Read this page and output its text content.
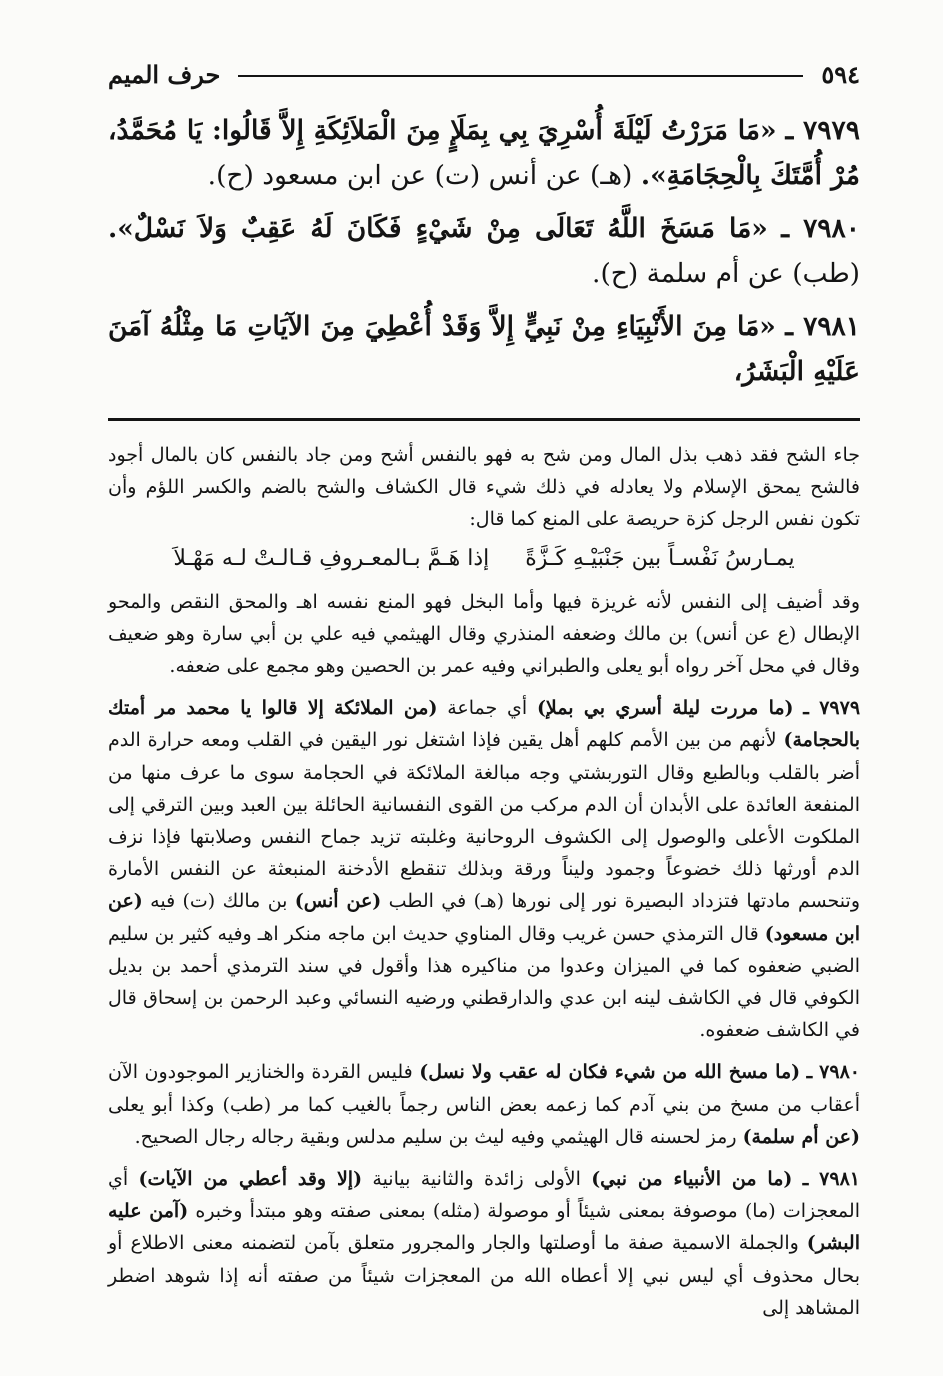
٥٩٤
حرف الميم

٧٩٧٩ ـ «مَا مَرَرْتُ لَيْلَةَ أُسْرِيَ بِي بِمَلَإٍ مِنَ الْمَلاَئِكَةِ إِلاَّ قَالُوا: يَا مُحَمَّدُ، مُرْ أُمَّتَكَ بِالْحِجَامَةِ». (هـ) عن أنس (ت) عن ابن مسعود (ح).

٧٩٨٠ ـ «مَا مَسَخَ اللَّهُ تَعَالَى مِنْ شَيْءٍ فَكَانَ لَهُ عَقِبٌ وَلاَ نَسْلٌ». (طب) عن أم سلمة (ح).

٧٩٨١ ـ «مَا مِنَ الأَنْبِيَاءِ مِنْ نَبِيٍّ إِلاَّ وَقَدْ أُعْطِيَ مِنَ الآيَاتِ مَا مِثْلُهُ آمَنَ عَلَيْهِ الْبَشَرُ،

جاء الشح فقد ذهب بذل المال ومن شح به فهو بالنفس أشح ومن جاد بالنفس كان بالمال أجود فالشح يمحق الإسلام ولا يعادله في ذلك شيء قال الكشاف والشح بالضم والكسر اللؤم وأن تكون نفس الرجل كزة حريصة على المنع كما قال:

يمـارسُ نَفْسـاً بين جَنْبَيْـهِ كَـزَّةً
إذا هَـمَّ بـالمعـروفِ قـالـتْ لـه مَهْـلاَ

وقد أضيف إلى النفس لأنه غريزة فيها وأما البخل فهو المنع نفسه اهـ والمحق النقص والمحو الإبطال (ع عن أنس) بن مالك وضعفه المنذري وقال الهيثمي فيه علي بن أبي سارة وهو ضعيف وقال في محل آخر رواه أبو يعلى والطبراني وفيه عمر بن الحصين وهو مجمع على ضعفه.

٧٩٧٩ ـ (ما مررت ليلة أسري بي بملإ) أي جماعة (من الملائكة إلا قالوا يا محمد مر أمتك بالحجامة) لأنهم من بين الأمم كلهم أهل يقين فإذا اشتغل نور اليقين في القلب ومعه حرارة الدم أضر بالقلب وبالطبع وقال التوربشتي وجه مبالغة الملائكة في الحجامة سوى ما عرف منها من المنفعة العائدة على الأبدان أن الدم مركب من القوى النفسانية الحائلة بين العبد وبين الترقي إلى الملكوت الأعلى والوصول إلى الكشوف الروحانية وغلبته تزيد جماح النفس وصلابتها فإذا نزف الدم أورثها ذلك خضوعاً وجمود وليناً ورقة وبذلك تنقطع الأدخنة المنبعثة عن النفس الأمارة وتنحسم مادتها فتزداد البصيرة نور إلى نورها (هـ) في الطب (عن أنس) بن مالك (ت) فيه (عن ابن مسعود) قال الترمذي حسن غريب وقال المناوي حديث ابن ماجه منكر اهـ وفيه كثير بن سليم الضبي ضعفوه كما في الميزان وعدوا من مناكيره هذا وأقول في سند الترمذي أحمد بن بديل الكوفي قال في الكاشف لينه ابن عدي والدارقطني ورضيه النسائي وعبد الرحمن بن إسحاق قال في الكاشف ضعفوه.

٧٩٨٠ ـ (ما مسخ الله من شيء فكان له عقب ولا نسل) فليس القردة والخنازير الموجودون الآن أعقاب من مسخ من بني آدم كما زعمه بعض الناس رجماً بالغيب كما مر (طب) وكذا أبو يعلى (عن أم سلمة) رمز لحسنه قال الهيثمي وفيه ليث بن سليم مدلس وبقية رجاله رجال الصحيح.

٧٩٨١ ـ (ما من الأنبياء من نبي) الأولى زائدة والثانية بيانية (إلا وقد أعطي من الآيات) أي المعجزات (ما) موصوفة بمعنى شيئاً أو موصولة (مثله) بمعنى صفته وهو مبتدأ وخبره (آمن عليه البشر) والجملة الاسمية صفة ما أوصلتها والجار والمجرور متعلق بآمن لتضمنه معنى الاطلاع أو بحال محذوف أي ليس نبي إلا أعطاه الله من المعجزات شيئاً من صفته أنه إذا شوهد اضطر المشاهد إلى
